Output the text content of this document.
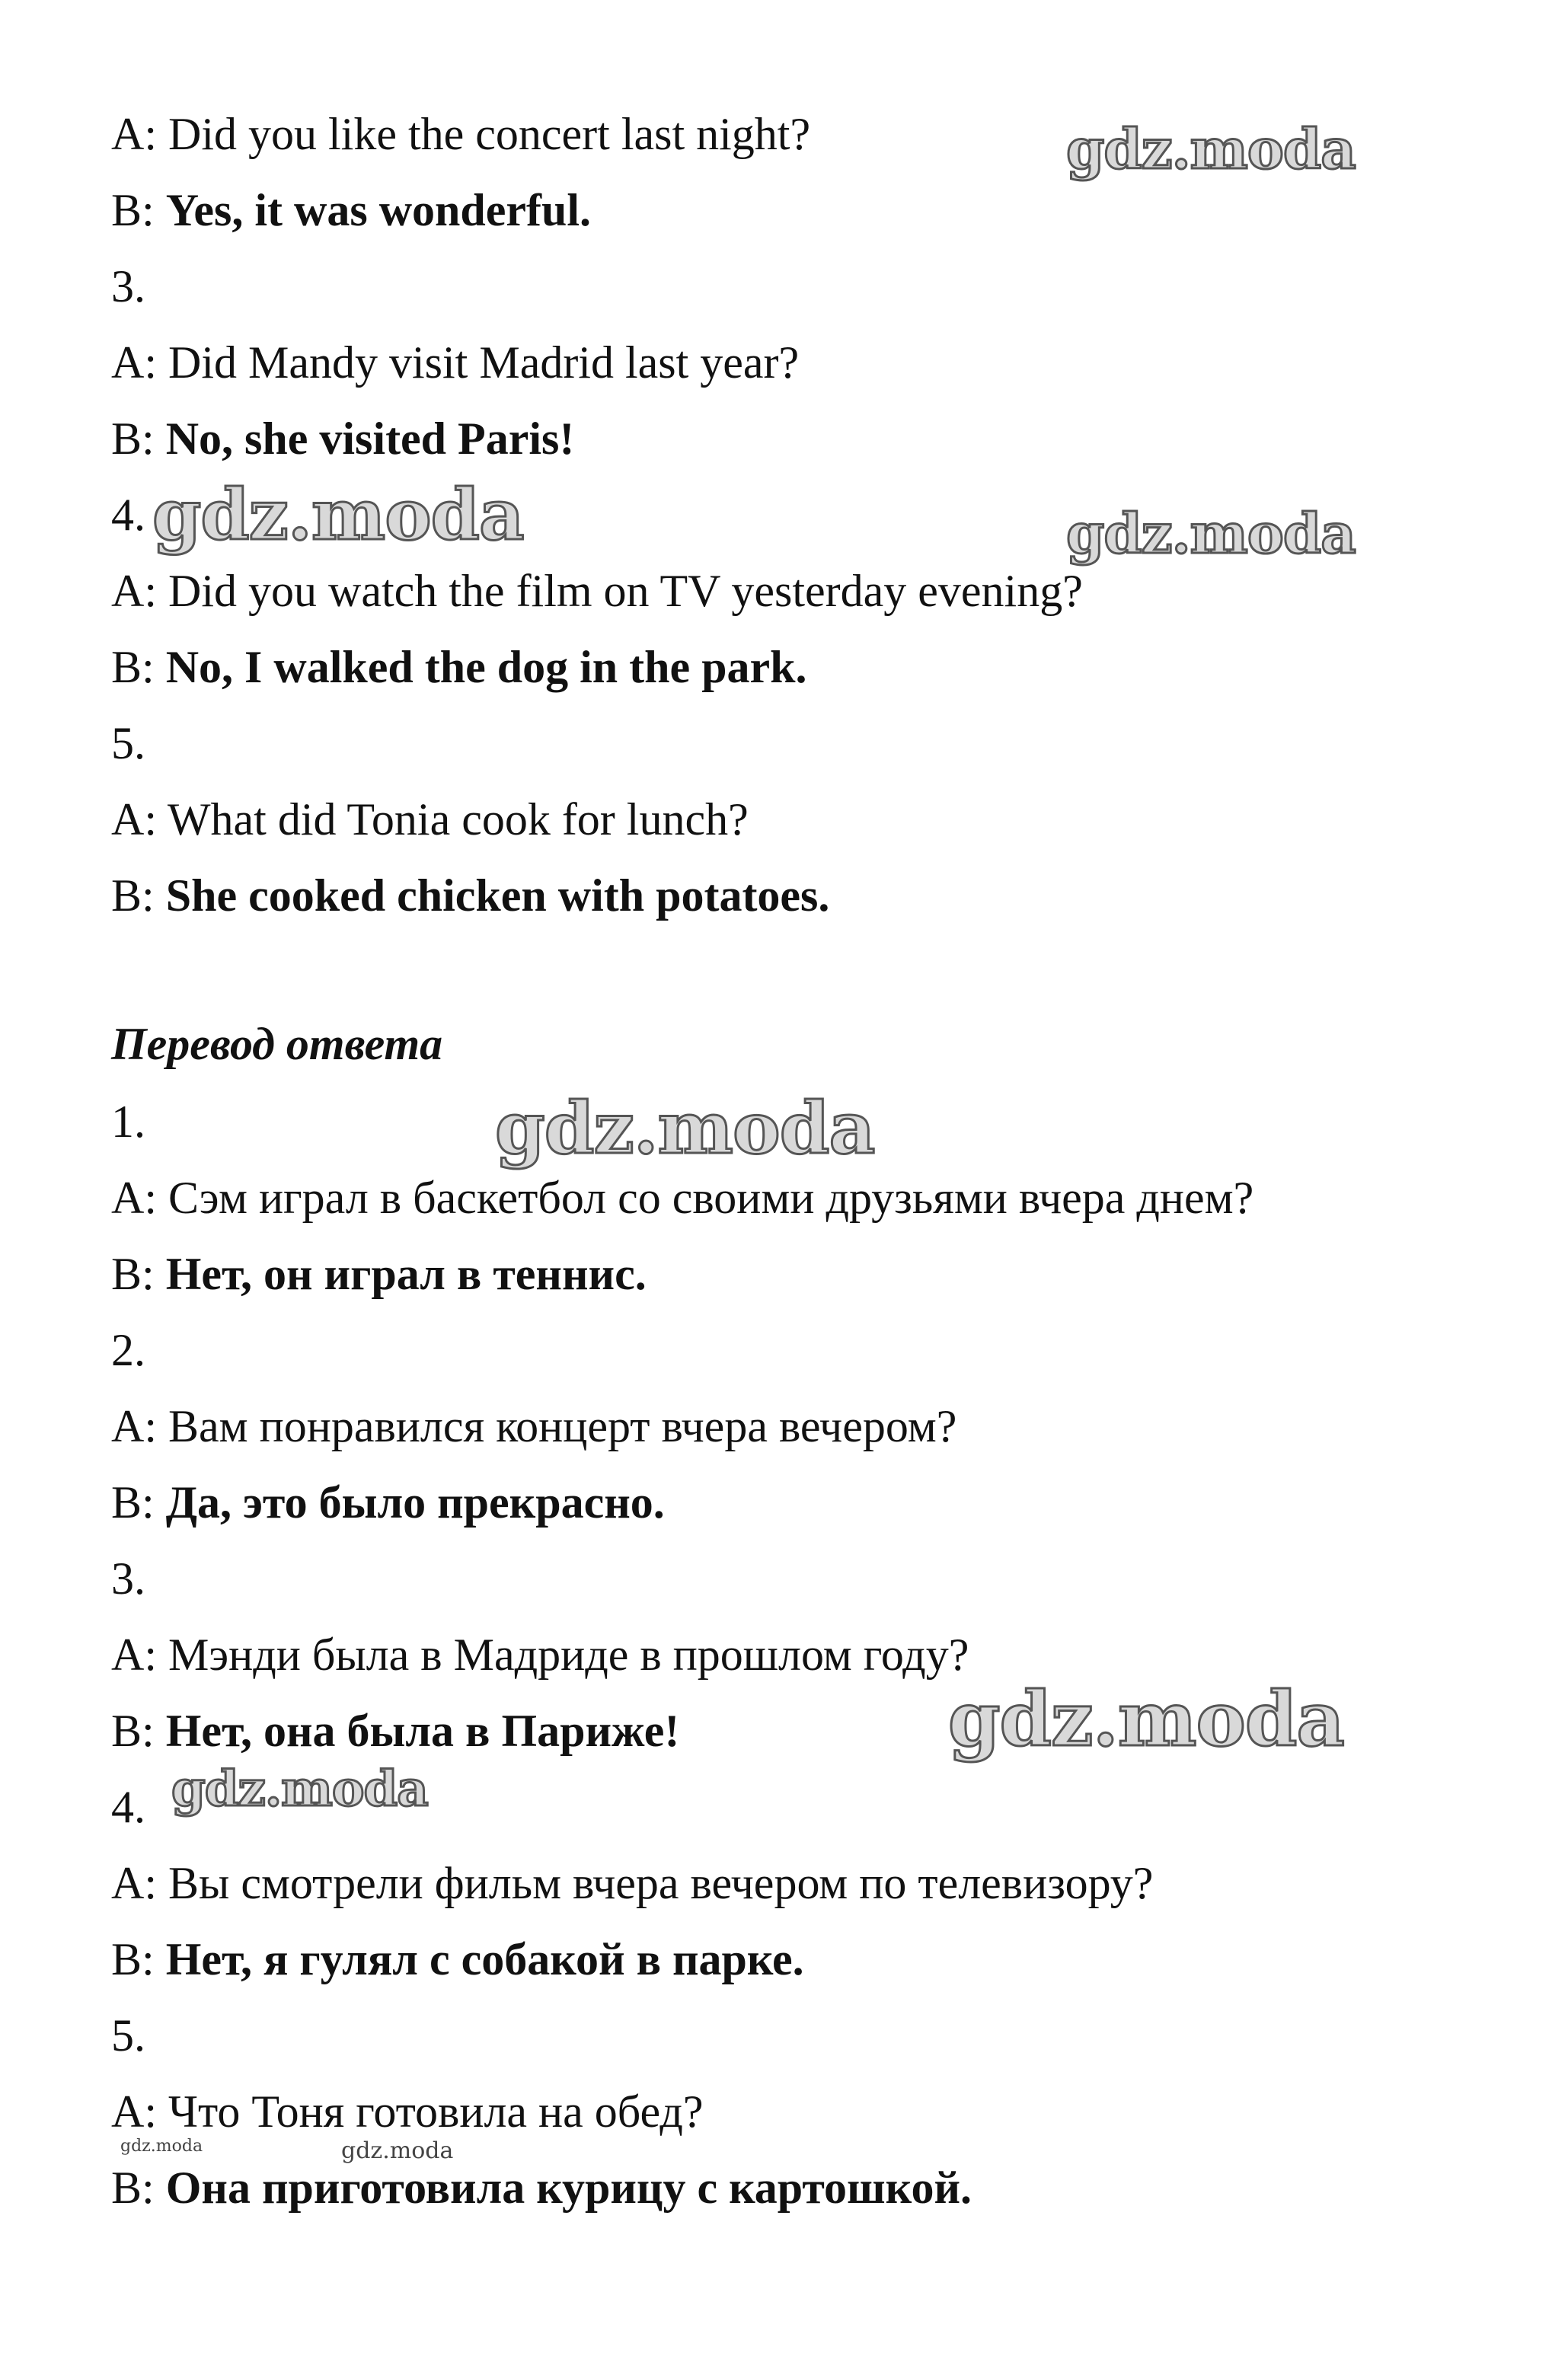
A: Did you like the concert last night?
B: Yes, it was wonderful.
3.
A: Did Mandy visit Madrid last year?
B: No, she visited Paris!
4.
A: Did you watch the film on TV yesterday evening?
B: No, I walked the dog in the park.
5.
A: What did Tonia cook for lunch?
B: She cooked chicken with potatoes.
Перевод ответа
1.
A: Сэм играл в баскетбол со своими друзьями вчера днем?
B: Нет, он играл в теннис.
2.
A: Вам понравился концерт вчера вечером?
B: Да, это было прекрасно.
3.
A: Мэнди была в Мадриде в прошлом году?
B: Нет, она была в Париже!
4.
A: Вы смотрели фильм вчера вечером по телевизору?
B: Нет, я гулял с собакой в парке.
5.
A: Что Тоня готовила на обед?
B: Она приготовила курицу с картошкой.
gdz.moda
gdz.moda	gdz.moda
gdz.moda
gdz.moda
gdz.moda
gdz.moda	gdz.moda
